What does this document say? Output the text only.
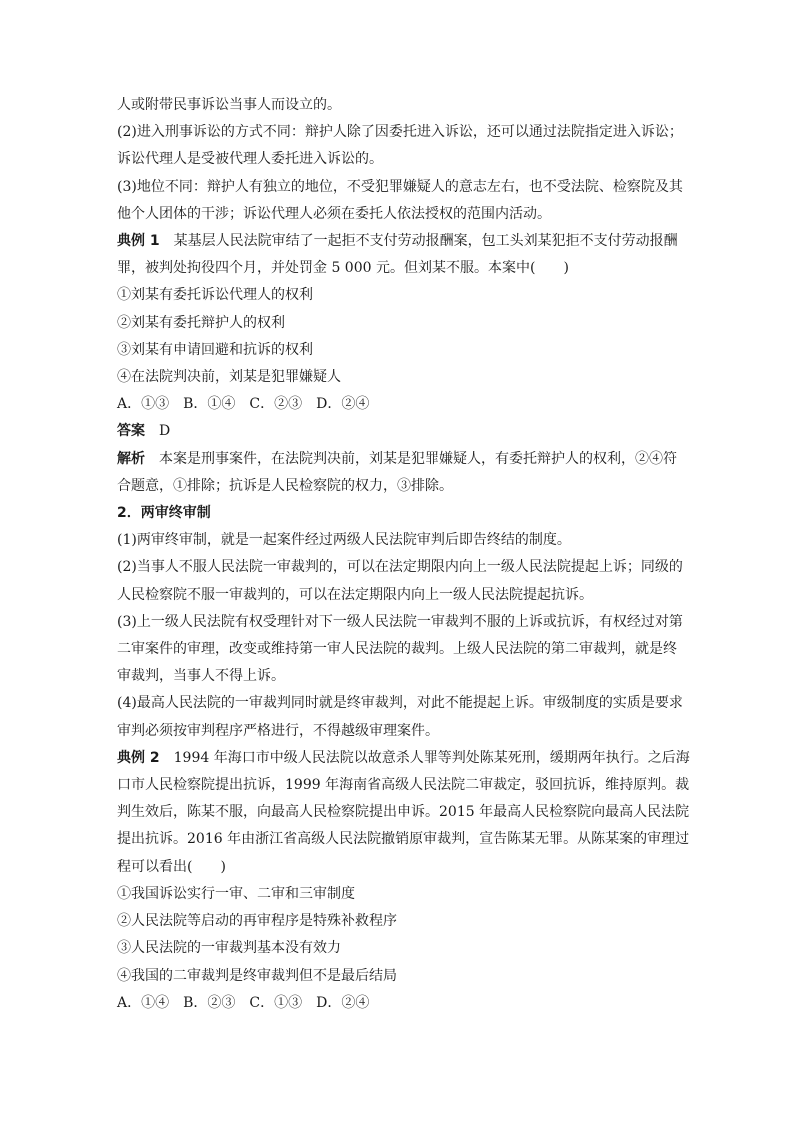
人或附带民事诉讼当事人而设立的。

(2)进入刑事诉讼的方式不同：辩护人除了因委托进入诉讼，还可以通过法院指定进入诉讼；

诉讼代理人是受被代理人委托进入诉讼的。

(3)地位不同：辩护人有独立的地位，不受犯罪嫌疑人的意志左右，也不受法院、检察院及其

他个人团体的干涉；诉讼代理人必须在委托人依法授权的范围内活动。

典例 1 某基层人民法院审结了一起拒不支付劳动报酬案，包工头刘某犯拒不支付劳动报酬

罪，被判处拘役四个月，并处罚金 5 000 元。但刘某不服。本案中(　　)

①刘某有委托诉讼代理人的权利

②刘某有委托辩护人的权利

③刘某有申请回避和抗诉的权利

④在法院判决前，刘某是犯罪嫌疑人

A．①③　B．①④　C．②③　D．②④

答案 D

解析 本案是刑事案件，在法院判决前，刘某是犯罪嫌疑人，有委托辩护人的权利，②④符

合题意，①排除；抗诉是人民检察院的权力，③排除。

2．两审终审制

(1)两审终审制，就是一起案件经过两级人民法院审判后即告终结的制度。

(2)当事人不服人民法院一审裁判的，可以在法定期限内向上一级人民法院提起上诉；同级的

人民检察院不服一审裁判的，可以在法定期限内向上一级人民法院提起抗诉。

(3)上一级人民法院有权受理针对下一级人民法院一审裁判不服的上诉或抗诉，有权经过对第

二审案件的审理，改变或维持第一审人民法院的裁判。上级人民法院的第二审裁判，就是终

审裁判，当事人不得上诉。

(4)最高人民法院的一审裁判同时就是终审裁判，对此不能提起上诉。审级制度的实质是要求

审判必须按审判程序严格进行，不得越级审理案件。

典例 2 1994 年海口市中级人民法院以故意杀人罪等判处陈某死刑，缓期两年执行。之后海

口市人民检察院提出抗诉，1999 年海南省高级人民法院二审裁定，驳回抗诉，维持原判。裁

判生效后，陈某不服，向最高人民检察院提出申诉。2015 年最高人民检察院向最高人民法院

提出抗诉。2016 年由浙江省高级人民法院撤销原审裁判，宣告陈某无罪。从陈某案的审理过

程可以看出(　　)

①我国诉讼实行一审、二审和三审制度

②人民法院等启动的再审程序是特殊补救程序

③人民法院的一审裁判基本没有效力

④我国的二审裁判是终审裁判但不是最后结局

A．①④　B．②③　C．①③　D．②④
